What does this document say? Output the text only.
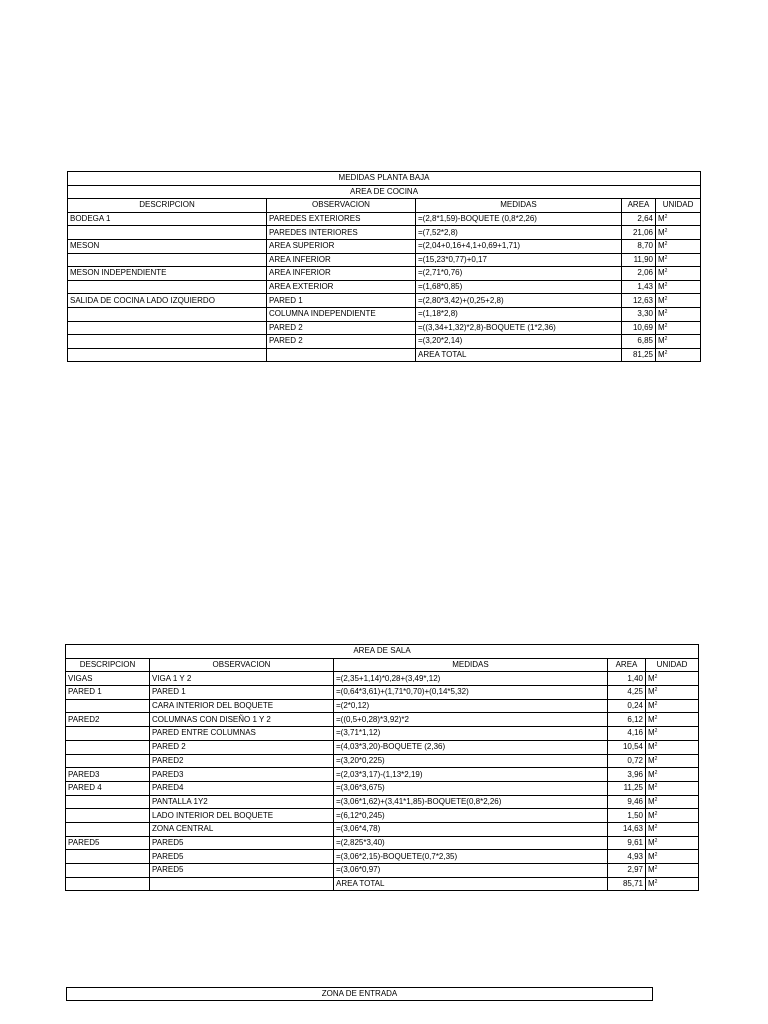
MEDIDAS PLANTA BAJA				
AREA DE COCINA				
DESCRIPCION	OBSERVACION	MEDIDAS	AREA	UNIDAD
BODEGA 1	PAREDES EXTERIORES	=(2,8*1,59)-BOQUETE (0,8*2,26)	2,64	$M^2$
	PAREDES INTERIORES	=(7,52*2,8)	21,06	$M^2$
MESON	AREA SUPERIOR	=(2,04+0,16+4,1+0,69+1,71)	8,70	$M^2$
	AREA INFERIOR	=(15,23*0,77)+0,17	11,90	$M^2$
MESON INDEPENDIENTE	AREA INFERIOR	=(2,71*0,76)	2,06	$M^2$
	AREA EXTERIOR	=(1,68*0,85)	1,43	$M^2$
SALIDA DE COCINA LADO IZQUIERDO	PARED 1	=(2,80*3,42)+(0,25+2,8)	12,63	$M^2$
	COLUMNA INDEPENDIENTE	=(1,18*2,8)	3,30	$M^2$
	PARED 2	=((3,34+1,32)*2,8)-BOQUETE (1*2,36)	10,69	$M^2$
	PARED 2	=(3,20*2,14)	6,85	$M^2$
		AREA TOTAL	81,25	$M^2$
AREA DE SALA				
DESCRIPCION	OBSERVACION	MEDIDAS	AREA	UNIDAD
VIGAS	VIGA 1 Y 2	=(2,35+1,14)*0,28+(3,49*,12)	1,40	$M^2$
PARED 1	PARED 1	=(0,64*3,61)+(1,71*0,70)+(0,14*5,32)	4,25	$M^2$
	CARA INTERIOR DEL BOQUETE	=(2*0,12)	0,24	$M^2$
PARED2	COLUMNAS CON DISEÑO 1 Y 2	=((0,5+0,28)*3,92)*2	6,12	$M^2$
	PARED ENTRE COLUMNAS	=(3,71*1,12)	4,16	$M^2$
	PARED 2	=(4,03*3,20)-BOQUETE (2,36)	10,54	$M^2$
	PARED2	=(3,20*0,225)	0,72	$M^2$
PARED3	PARED3	=(2,03*3,17)-(1,13*2,19)	3,96	$M^2$
PARED 4	PARED4	=(3,06*3,675)	11,25	$M^2$
	PANTALLA 1Y2	=(3,06*1,62)+(3,41*1,85)-BOQUETE(0,8*2,26)	9,46	$M^2$
	LADO INTERIOR DEL BOQUETE	=(6,12*0,245)	1,50	$M^2$
	ZONA CENTRAL	=(3,06*4,78)	14,63	$M^2$
PARED5	PARED5	=(2,825*3,40)	9,61	$M^2$
	PARED5	=(3,06*2,15)-BOQUETE(0,7*2,35)	4,93	$M^2$
	PARED5	=(3,06*0,97)	2,97	$M^2$
		AREA TOTAL	85,71	$M^2$
ZONA DE ENTRADA
